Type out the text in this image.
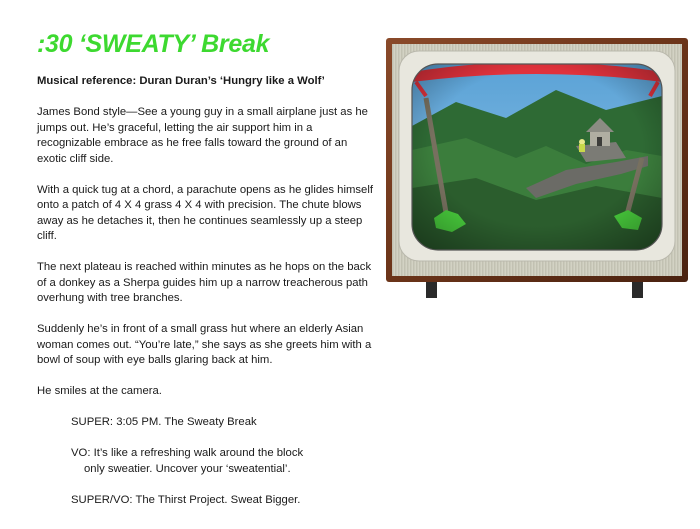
:30 ‘SWEATY’ Break

Musical reference: Duran Duran’s ‘Hungry like a Wolf’

James Bond style—See a young guy in a small airplane just as he jumps out. He’s graceful, letting the air support him in a recognizable embrace as he free falls toward the ground of an exotic cliff side.

With a quick tug at a chord, a parachute opens as he glides himself onto a patch of 4 X 4 grass 4 X 4 with precision. The chute blows away as he detaches it, then he continues seamlessly up a steep cliff.

The next plateau is reached within minutes as he hops on the back of a donkey as a Sherpa guides him up a narrow treacherous path overhung with tree branches.

Suddenly he’s in front of a small grass hut where an elderly Asian woman comes out. “You’re late,” she says as she greets him with a bowl of soup with eye balls glaring back at him.

He smiles at the camera.

SUPER: 3:05 PM. The Sweaty Break

VO: It’s like a refreshing walk around the block
only sweatier. Uncover your ‘sweatential’.

SUPER/VO: The Thirst Project. Sweat Bigger.
